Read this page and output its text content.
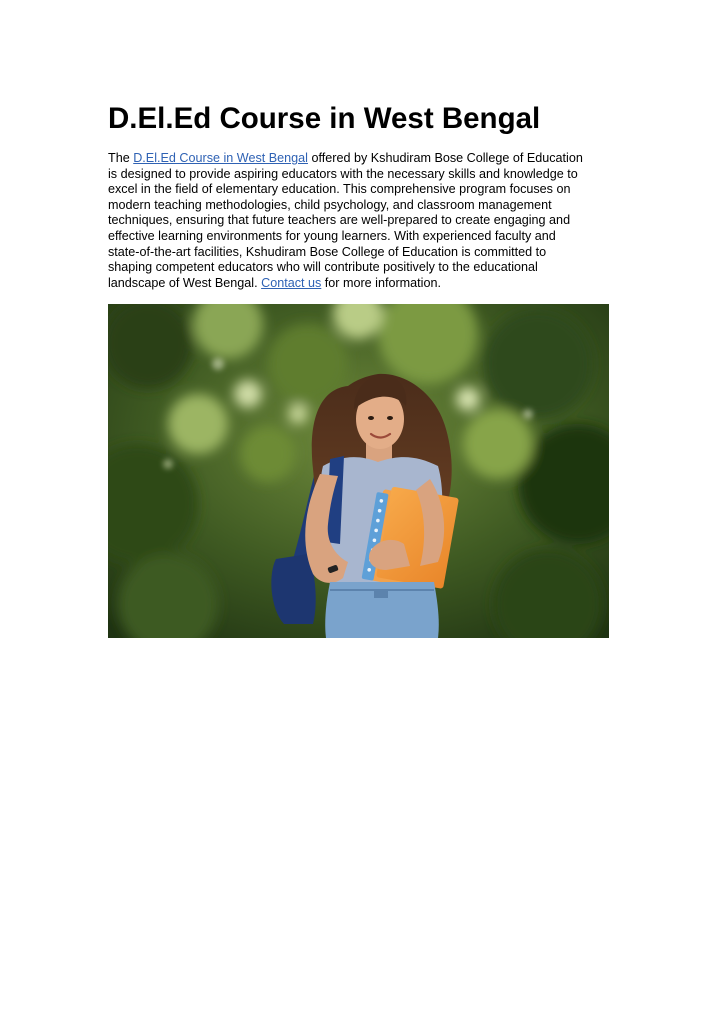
D.El.Ed Course in West Bengal

The D.El.Ed Course in West Bengal offered by Kshudiram Bose College of Education
is designed to provide aspiring educators with the necessary skills and knowledge to
excel in the field of elementary education. This comprehensive program focuses on
modern teaching methodologies, child psychology, and classroom management
techniques, ensuring that future teachers are well-prepared to create engaging and
effective learning environments for young learners. With experienced faculty and
state-of-the-art facilities, Kshudiram Bose College of Education is committed to
shaping competent educators who will contribute positively to the educational
landscape of West Bengal. Contact us for more information.
